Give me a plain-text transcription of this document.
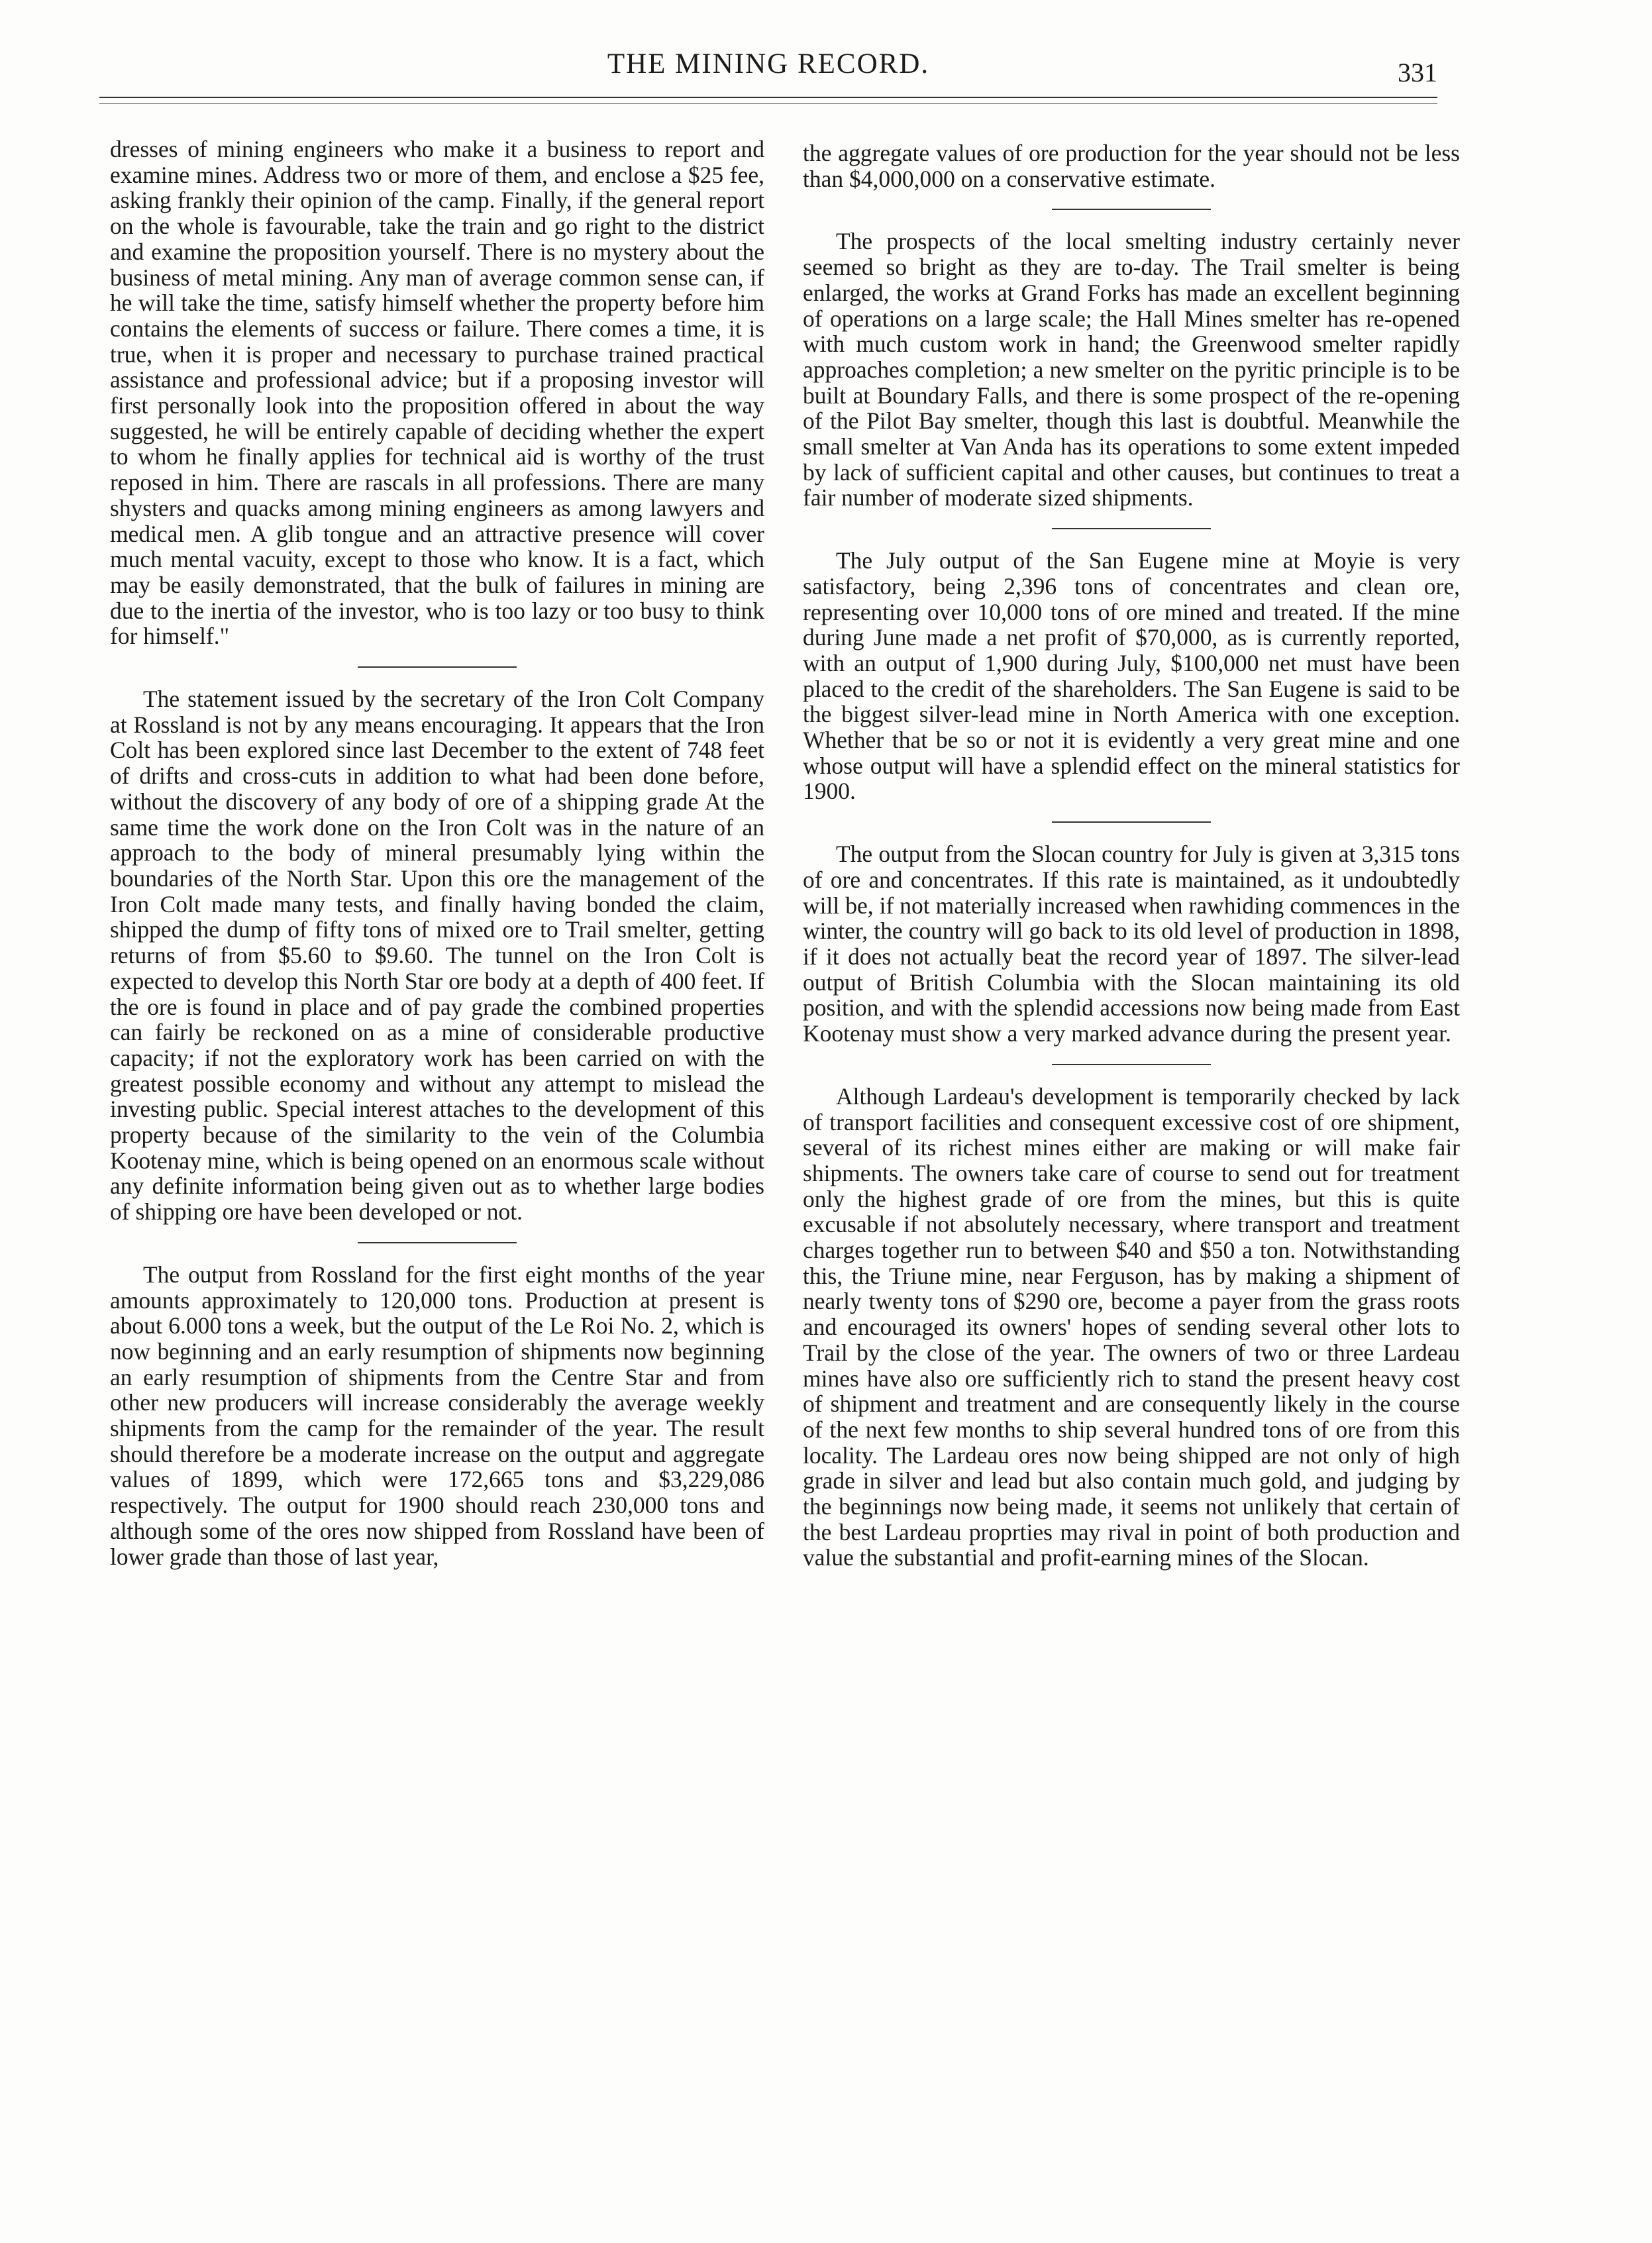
THE MINING RECORD.	331

dresses of mining engineers who make it a business to report and examine mines. Address two or more of them, and enclose a $25 fee, asking frankly their opinion of the camp. Finally, if the general report on the whole is favourable, take the train and go right to the district and examine the proposition yourself. There is no mystery about the business of metal mining. Any man of average common sense can, if he will take the time, satisfy himself whether the property before him contains the elements of success or failure. There comes a time, it is true, when it is proper and necessary to purchase trained practical assistance and professional advice; but if a proposing investor will first personally look into the proposition offered in about the way suggested, he will be entirely capable of deciding whether the expert to whom he finally applies for technical aid is worthy of the trust reposed in him. There are rascals in all professions. There are many shysters and quacks among mining engineers as among lawyers and medical men. A glib tongue and an attractive presence will cover much mental vacuity, except to those who know. It is a fact, which may be easily demonstrated, that the bulk of failures in mining are due to the inertia of the investor, who is too lazy or too busy to think for himself."

The statement issued by the secretary of the Iron Colt Company at Rossland is not by any means encouraging. It appears that the Iron Colt has been explored since last December to the extent of 748 feet of drifts and cross-cuts in addition to what had been done before, without the discovery of any body of ore of a shipping grade At the same time the work done on the Iron Colt was in the nature of an approach to the body of mineral presumably lying within the boundaries of the North Star. Upon this ore the management of the Iron Colt made many tests, and finally having bonded the claim, shipped the dump of fifty tons of mixed ore to Trail smelter, getting returns of from $5.60 to $9.60. The tunnel on the Iron Colt is expected to develop this North Star ore body at a depth of 400 feet. If the ore is found in place and of pay grade the combined properties can fairly be reckoned on as a mine of considerable productive capacity; if not the exploratory work has been carried on with the greatest possible economy and without any attempt to mislead the investing public. Special interest attaches to the development of this property because of the similarity to the vein of the Columbia Kootenay mine, which is being opened on an enormous scale without any definite information being given out as to whether large bodies of shipping ore have been developed or not.

The output from Rossland for the first eight months of the year amounts approximately to 120,000 tons. Production at present is about 6.000 tons a week, but the output of the Le Roi No. 2, which is now beginning and an early resumption of shipments now beginning an early resumption of shipments from the Centre Star and from other new producers will increase considerably the average weekly shipments from the camp for the remainder of the year. The result should therefore be a moderate increase on the output and aggregate values of 1899, which were 172,665 tons and $3,229,086 respectively. The output for 1900 should reach 230,000 tons and although some of the ores now shipped from Rossland have been of lower grade than those of last year,

the aggregate values of ore production for the year should not be less than $4,000,000 on a conservative estimate.

The prospects of the local smelting industry certainly never seemed so bright as they are to-day. The Trail smelter is being enlarged, the works at Grand Forks has made an excellent beginning of operations on a large scale; the Hall Mines smelter has re-opened with much custom work in hand; the Greenwood smelter rapidly approaches completion; a new smelter on the pyritic principle is to be built at Boundary Falls, and there is some prospect of the re-opening of the Pilot Bay smelter, though this last is doubtful. Meanwhile the small smelter at Van Anda has its operations to some extent impeded by lack of sufficient capital and other causes, but continues to treat a fair number of moderate sized shipments.

The July output of the San Eugene mine at Moyie is very satisfactory, being 2,396 tons of concentrates and clean ore, representing over 10,000 tons of ore mined and treated. If the mine during June made a net profit of $70,000, as is currently reported, with an output of 1,900 during July, $100,000 net must have been placed to the credit of the shareholders. The San Eugene is said to be the biggest silver-lead mine in North America with one exception. Whether that be so or not it is evidently a very great mine and one whose output will have a splendid effect on the mineral statistics for 1900.

The output from the Slocan country for July is given at 3,315 tons of ore and concentrates. If this rate is maintained, as it undoubtedly will be, if not materially increased when rawhiding commences in the winter, the country will go back to its old level of production in 1898, if it does not actually beat the record year of 1897. The silver-lead output of British Columbia with the Slocan maintaining its old position, and with the splendid accessions now being made from East Kootenay must show a very marked advance during the present year.

Although Lardeau's development is temporarily checked by lack of transport facilities and consequent excessive cost of ore shipment, several of its richest mines either are making or will make fair shipments. The owners take care of course to send out for treatment only the highest grade of ore from the mines, but this is quite excusable if not absolutely necessary, where transport and treatment charges together run to between $40 and $50 a ton. Notwithstanding this, the Triune mine, near Ferguson, has by making a shipment of nearly twenty tons of $290 ore, become a payer from the grass roots and encouraged its owners' hopes of sending several other lots to Trail by the close of the year. The owners of two or three Lardeau mines have also ore sufficiently rich to stand the present heavy cost of shipment and treatment and are consequently likely in the course of the next few months to ship several hundred tons of ore from this locality. The Lardeau ores now being shipped are not only of high grade in silver and lead but also contain much gold, and judging by the beginnings now being made, it seems not unlikely that certain of the best Lardeau proprties may rival in point of both production and value the substantial and profit-earning mines of the Slocan.
